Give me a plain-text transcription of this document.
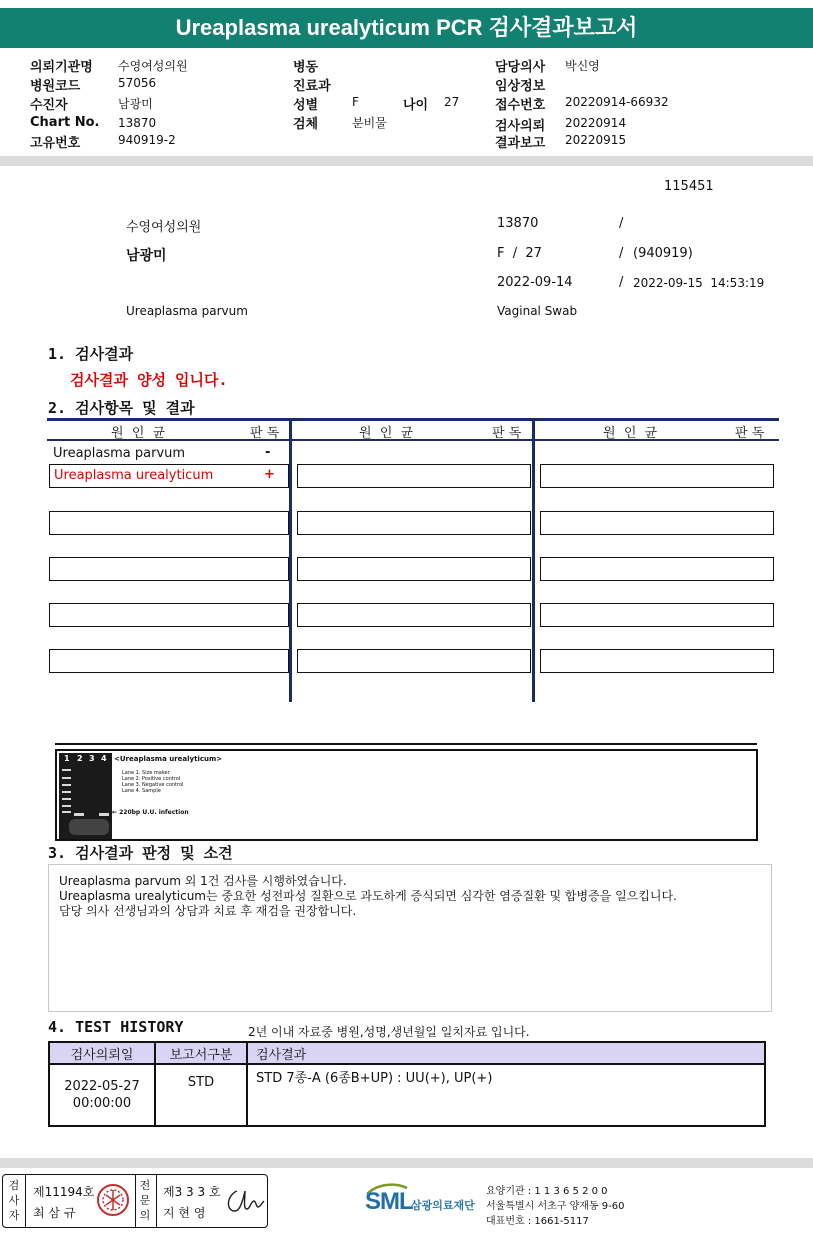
Ureaplasma urealyticum PCR 검사결과보고서
의뢰기관명 수영여성의원
병원코드	57056
수진자	남광미
Chart No. 13870
고유번호	940919-2
병동
진료과
성별	F	나이 27
검체	분비물
담당의사 박신영
임상정보
접수번호 20220914-66932
검사의뢰 20220914
결과보고 20220915
115451
수영여성의원	13870	/
남광미	F  /  27	/ (940919)
2022-09-14	/ 2022-09-15  14:53:19
Ureaplasma parvum	Vaginal Swab
1. 검사결과
검사결과 양성 입니다.
2. 검사항목 및 결과
원  인  균	판 독	원  인  균	판 독	원  인  균	판 독
Ureaplasma parvum	-
Ureaplasma urealyticum	+
1 2 3 4 <Ureaplasma urealyticum>
Lane 1. Size maker
Lane 2. Positive control
Lane 3. Negative control
Lane 4. Sample
← 220bp U.U. infection
3. 검사결과 판정 및 소견
Ureaplasma parvum 외 1건 검사를 시행하였습니다.
Ureaplasma urealyticum는 중요한 성전파성 질환으로 과도하게 증식되면 심각한 염증질환 및 합병증을 일으킵니다.
담당 의사 선생님과의 상담과 치료 후 재검을 권장합니다.
4. TEST HISTORY	2년 이내 자료중 병원,성명,생년월일 일치자료 입니다.
검사의뢰일	보고서구분	검사결과

2022-05-27
00:00:00	STD	STD 7종-A (6종B+UP) : UU(+), UP(+)
검
사
자
제11194호
최 삼 규
전
문
의
제3 3 3 호
지 현 영	SML
삼광의료재단
요양기관 : 1 1 3 6 5 2 0 0
서울특별시 서초구 양재동 9-60
대표번호 : 1661-5117
